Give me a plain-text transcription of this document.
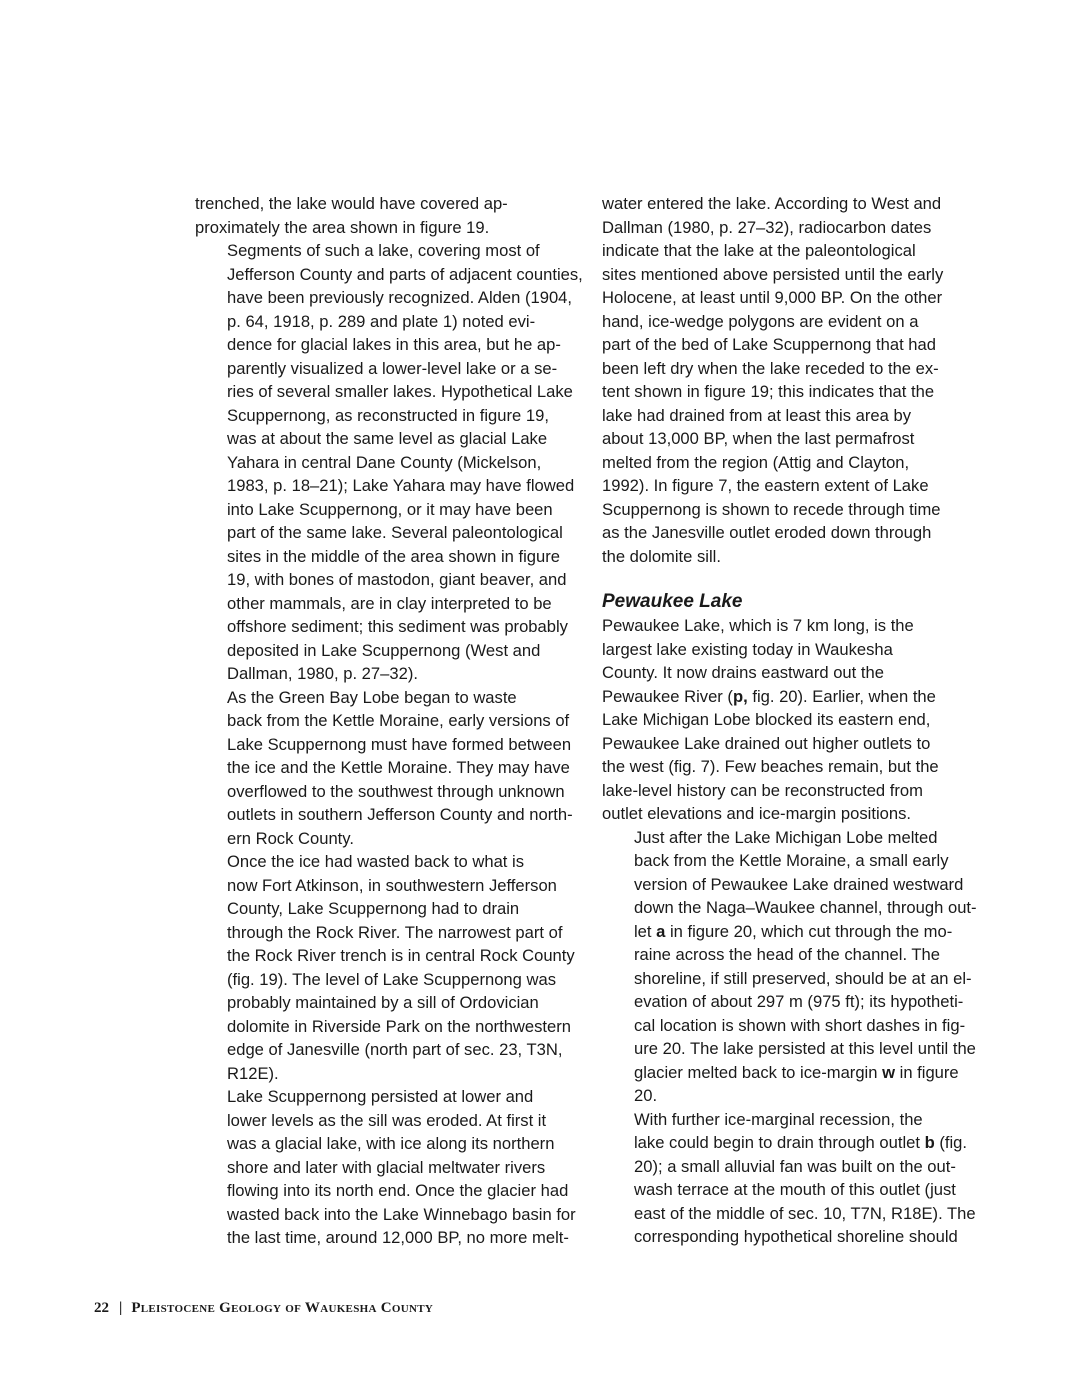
trenched, the lake would have covered ap-
proximately the area shown in figure 19.

Segments of such a lake, covering most of
Jefferson County and parts of adjacent counties,
have been previously recognized. Alden (1904,
p. 64, 1918, p. 289 and plate 1) noted evi-
dence for glacial lakes in this area, but he ap-
parently visualized a lower-level lake or a se-
ries of several smaller lakes. Hypothetical Lake
Scuppernong, as reconstructed in figure 19,
was at about the same level as glacial Lake
Yahara in central Dane County (Mickelson,
1983, p. 18–21); Lake Yahara may have flowed
into Lake Scuppernong, or it may have been
part of the same lake. Several paleontological
sites in the middle of the area shown in figure
19, with bones of mastodon, giant beaver, and
other mammals, are in clay interpreted to be
offshore sediment; this sediment was probably
deposited in Lake Scuppernong (West and
Dallman, 1980, p. 27–32).

As the Green Bay Lobe began to waste
back from the Kettle Moraine, early versions of
Lake Scuppernong must have formed between
the ice and the Kettle Moraine. They may have
overflowed to the southwest through unknown
outlets in southern Jefferson County and north-
ern Rock County.

Once the ice had wasted back to what is
now Fort Atkinson, in southwestern Jefferson
County, Lake Scuppernong had to drain
through the Rock River. The narrowest part of
the Rock River trench is in central Rock County
(fig. 19). The level of Lake Scuppernong was
probably maintained by a sill of Ordovician
dolomite in Riverside Park on the northwestern
edge of Janesville (north part of sec. 23, T3N,
R12E).

Lake Scuppernong persisted at lower and
lower levels as the sill was eroded. At first it
was a glacial lake, with ice along its northern
shore and later with glacial meltwater rivers
flowing into its north end. Once the glacier had
wasted back into the Lake Winnebago basin for
the last time, around 12,000 BP, no more melt-

water entered the lake. According to West and
Dallman (1980, p. 27–32), radiocarbon dates
indicate that the lake at the paleontological
sites mentioned above persisted until the early
Holocene, at least until 9,000 BP. On the other
hand, ice-wedge polygons are evident on a
part of the bed of Lake Scuppernong that had
been left dry when the lake receded to the ex-
tent shown in figure 19; this indicates that the
lake had drained from at least this area by
about 13,000 BP, when the last permafrost
melted from the region (Attig and Clayton,
1992). In figure 7, the eastern extent of Lake
Scuppernong is shown to recede through time
as the Janesville outlet eroded down through
the dolomite sill.

Pewaukee Lake

Pewaukee Lake, which is 7 km long, is the
largest lake existing today in Waukesha
County. It now drains eastward out the
Pewaukee River (p, fig. 20). Earlier, when the
Lake Michigan Lobe blocked its eastern end,
Pewaukee Lake drained out higher outlets to
the west (fig. 7). Few beaches remain, but the
lake-level history can be reconstructed from
outlet elevations and ice-margin positions.

Just after the Lake Michigan Lobe melted
back from the Kettle Moraine, a small early
version of Pewaukee Lake drained westward
down the Naga–Waukee channel, through out-
let a in figure 20, which cut through the mo-
raine across the head of the channel. The
shoreline, if still preserved, should be at an el-
evation of about 297 m (975 ft); its hypotheti-
cal location is shown with short dashes in fig-
ure 20. The lake persisted at this level until the
glacier melted back to ice-margin w in figure
20.

With further ice-marginal recession, the
lake could begin to drain through outlet b (fig.
20); a small alluvial fan was built on the out-
wash terrace at the mouth of this outlet (just
east of the middle of sec. 10, T7N, R18E). The
corresponding hypothetical shoreline should

22 | Pleistocene Geology of Waukesha County
